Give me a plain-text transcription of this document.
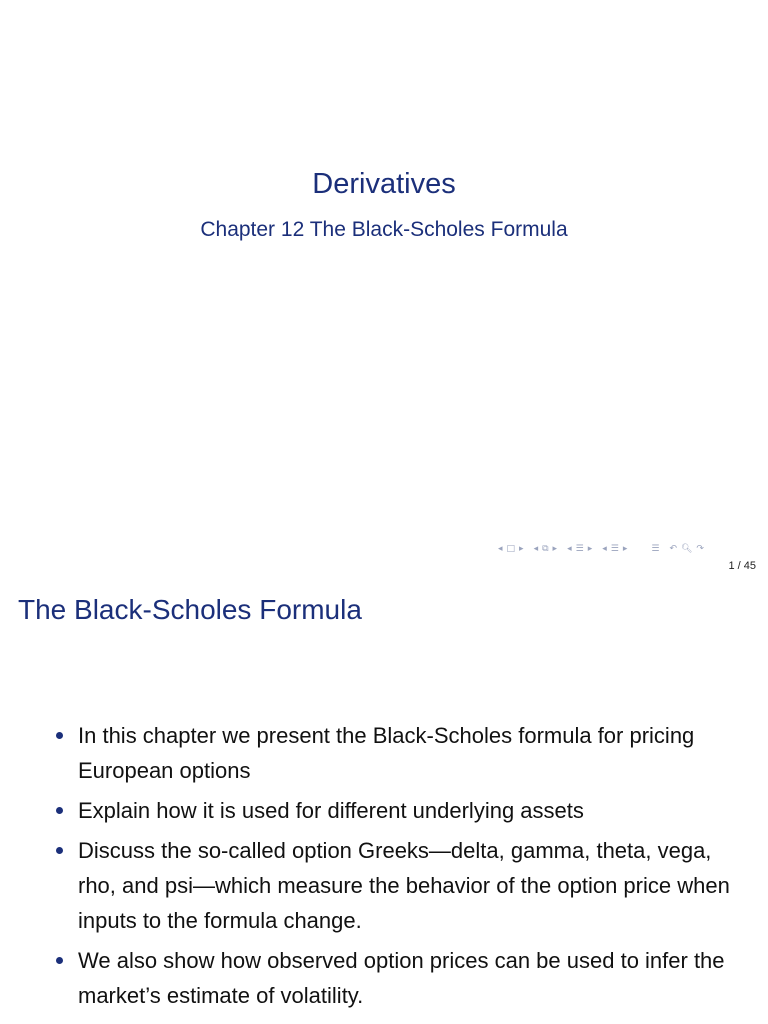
Derivatives
Chapter 12 The Black-Scholes Formula
◂ □ ▸ ◂ ⧉ ▸ ◂ ☰ ▸ ◂ ☰ ▸	☰ ↶ 🔍︎ ↷
1 / 45
The Black-Scholes Formula
In this chapter we present the Black-Scholes formula for pricing European options
Explain how it is used for different underlying assets
Discuss the so-called option Greeks—delta, gamma, theta, vega, rho, and psi—which measure the behavior of the option price when inputs to the formula change.
We also show how observed option prices can be used to infer the market’s estimate of volatility.
